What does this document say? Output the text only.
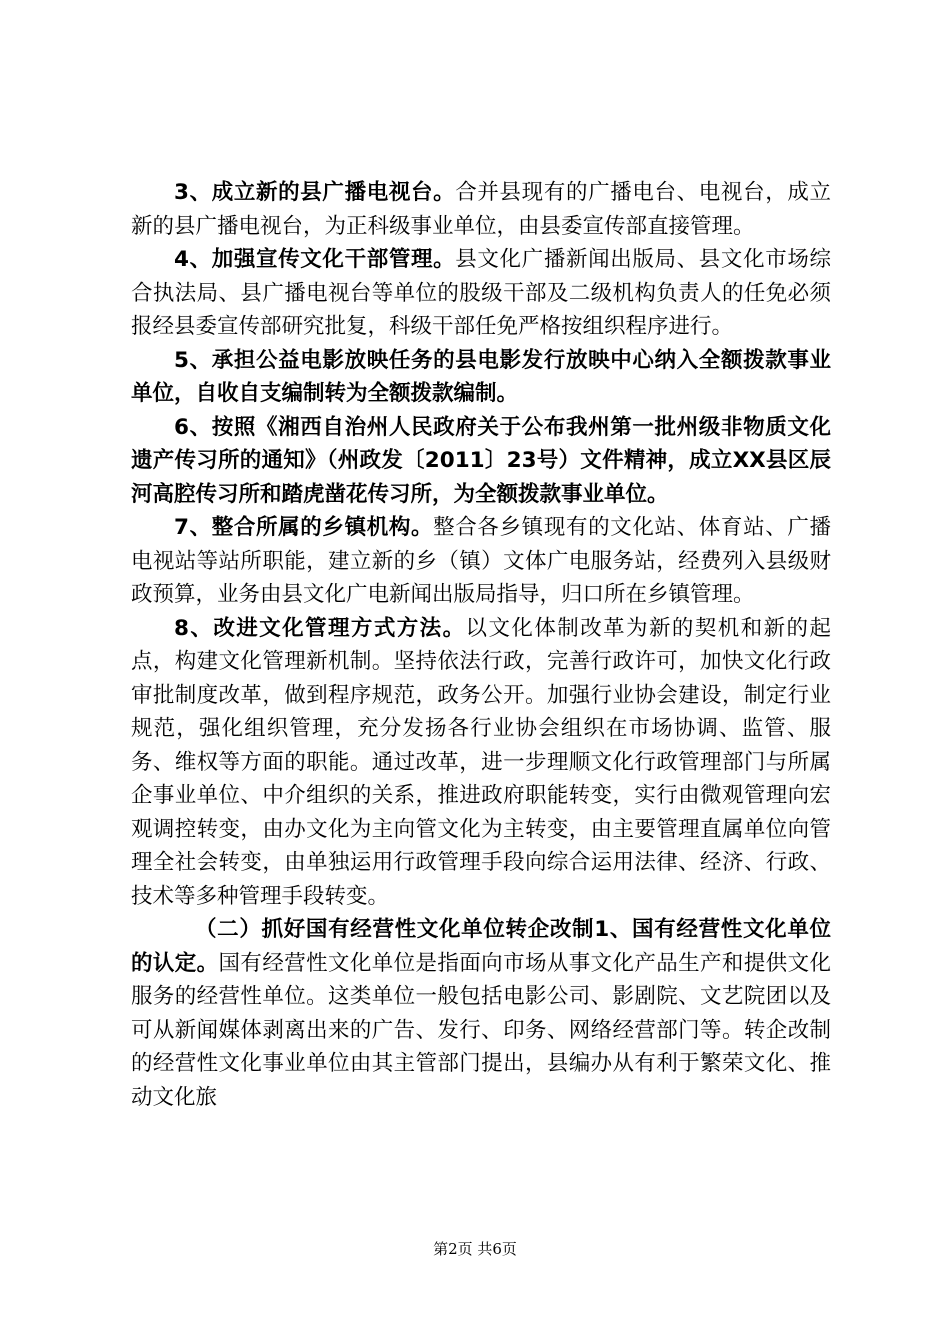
3、成立新的县广播电视台。合并县现有的广播电台、电视台，成立新的县广播电视台，为正科级事业单位，由县委宣传部直接管理。

4、加强宣传文化干部管理。县文化广播新闻出版局、县文化市场综合执法局、县广播电视台等单位的股级干部及二级机构负责人的任免必须报经县委宣传部研究批复，科级干部任免严格按组织程序进行。

5、承担公益电影放映任务的县电影发行放映中心纳入全额拨款事业单位，自收自支编制转为全额拨款编制。

6、按照《湘西自治州人民政府关于公布我州第一批州级非物质文化遗产传习所的通知》（州政发〔2011〕23号）文件精神，成立XX县区辰河高腔传习所和踏虎凿花传习所，为全额拨款事业单位。

7、整合所属的乡镇机构。整合各乡镇现有的文化站、体育站、广播电视站等站所职能，建立新的乡（镇）文体广电服务站，经费列入县级财政预算，业务由县文化广电新闻出版局指导，归口所在乡镇管理。

8、改进文化管理方式方法。以文化体制改革为新的契机和新的起点，构建文化管理新机制。坚持依法行政，完善行政许可，加快文化行政审批制度改革，做到程序规范，政务公开。加强行业协会建设，制定行业规范，强化组织管理，充分发扬各行业协会组织在市场协调、监管、服务、维权等方面的职能。通过改革，进一步理顺文化行政管理部门与所属企事业单位、中介组织的关系，推进政府职能转变，实行由微观管理向宏观调控转变，由办文化为主向管文化为主转变，由主要管理直属单位向管理全社会转变，由单独运用行政管理手段向综合运用法律、经济、行政、技术等多种管理手段转变。

（二）抓好国有经营性文化单位转企改制1、国有经营性文化单位的认定。国有经营性文化单位是指面向市场从事文化产品生产和提供文化服务的经营性单位。这类单位一般包括电影公司、影剧院、文艺院团以及可从新闻媒体剥离出来的广告、发行、印务、网络经营部门等。转企改制的经营性文化事业单位由其主管部门提出，县编办从有利于繁荣文化、推动文化旅

第2页 共6页
